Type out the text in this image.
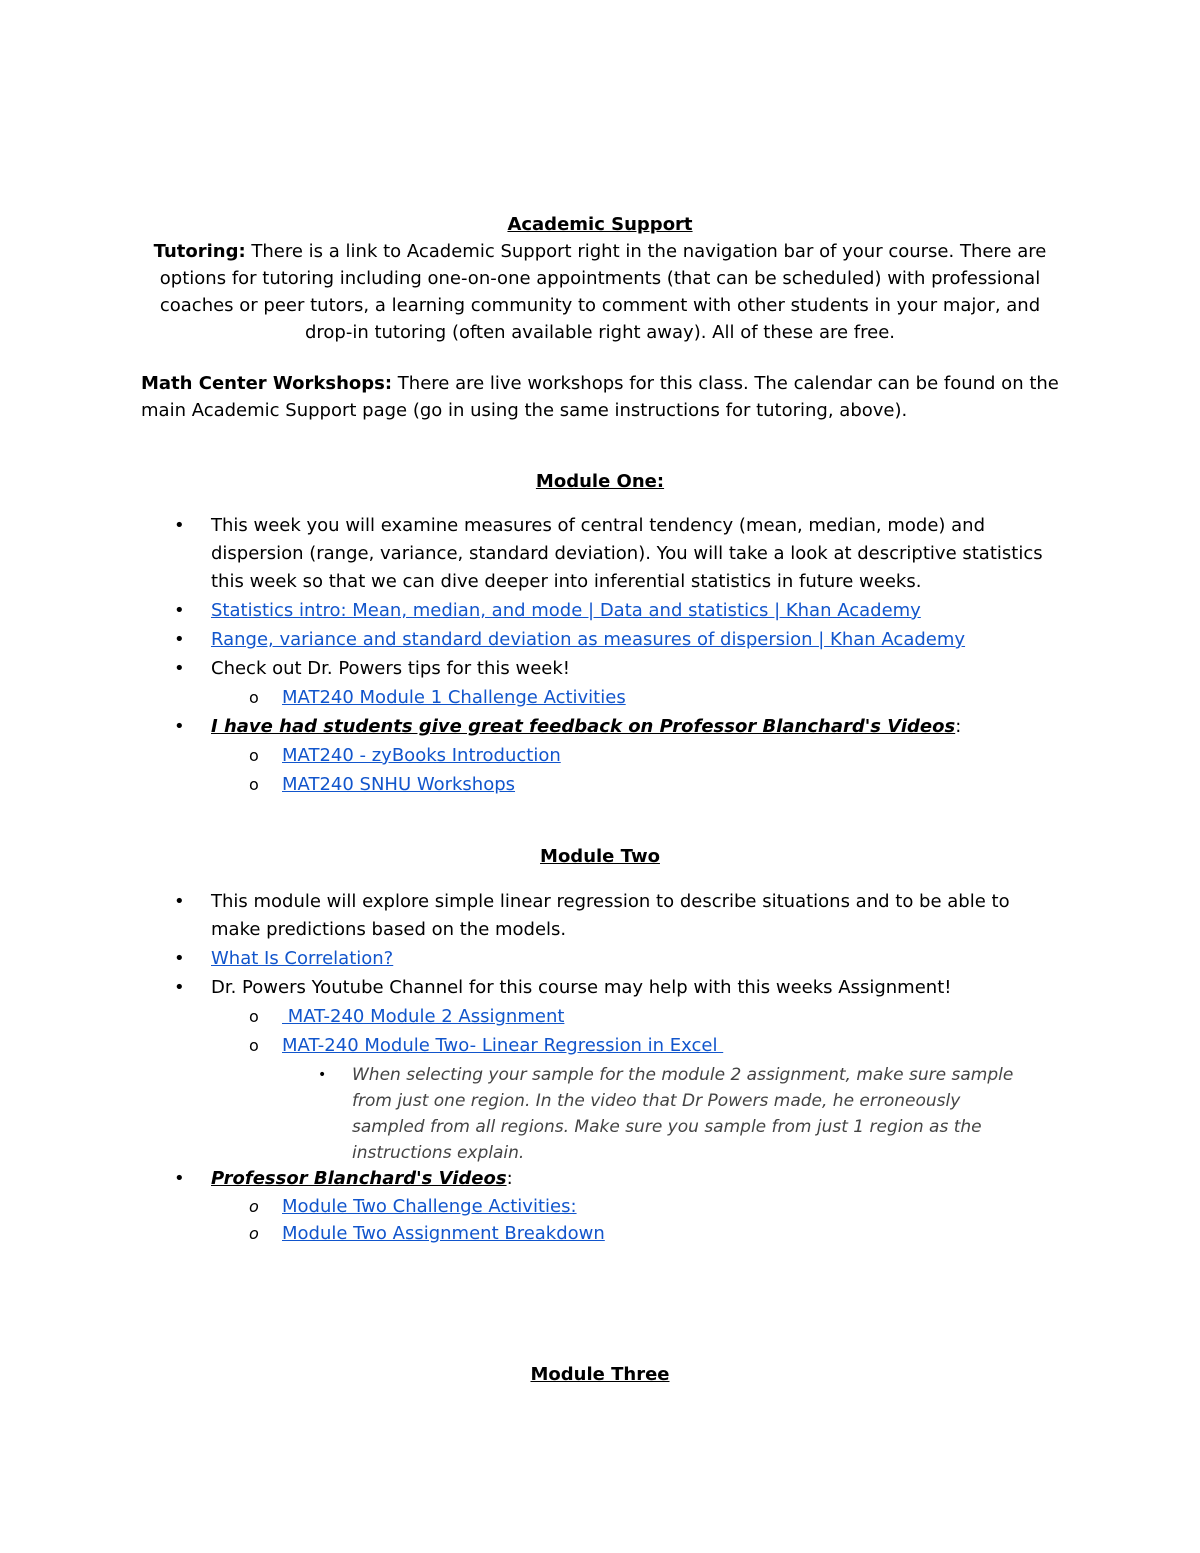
Academic Support
Tutoring: There is a link to Academic Support right in the navigation bar of your course. There are
options for tutoring including one-on-one appointments (that can be scheduled) with professional
coaches or peer tutors, a learning community to comment with other students in your major, and
drop-in tutoring (often available right away). All of these are free.
Math Center Workshops: There are live workshops for this class. The calendar can be found on the
main Academic Support page (go in using the same instructions for tutoring, above).
Module One:
• This week you will examine measures of central tendency (mean, median, mode) and
dispersion (range, variance, standard deviation). You will take a look at descriptive statistics
this week so that we can dive deeper into inferential statistics in future weeks.
• Statistics intro: Mean, median, and mode | Data and statistics | Khan Academy
• Range, variance and standard deviation as measures of dispersion | Khan Academy
• Check out Dr. Powers tips for this week!
o MAT240 Module 1 Challenge Activities
• I have had students give great feedback on Professor Blanchard's Videos:
o MAT240 - zyBooks Introduction
o MAT240 SNHU Workshops
Module Two
• This module will explore simple linear regression to describe situations and to be able to
make predictions based on the models.
• What Is Correlation?
• Dr. Powers Youtube Channel for this course may help with this weeks Assignment!
o MAT-240 Module 2 Assignment
o MAT-240 Module Two- Linear Regression in Excel
• When selecting your sample for the module 2 assignment, make sure sample
from just one region. In the video that Dr Powers made, he erroneously
sampled from all regions. Make sure you sample from just 1 region as the
instructions explain.
• Professor Blanchard's Videos:
o Module Two Challenge Activities:
o Module Two Assignment Breakdown
Module Three
